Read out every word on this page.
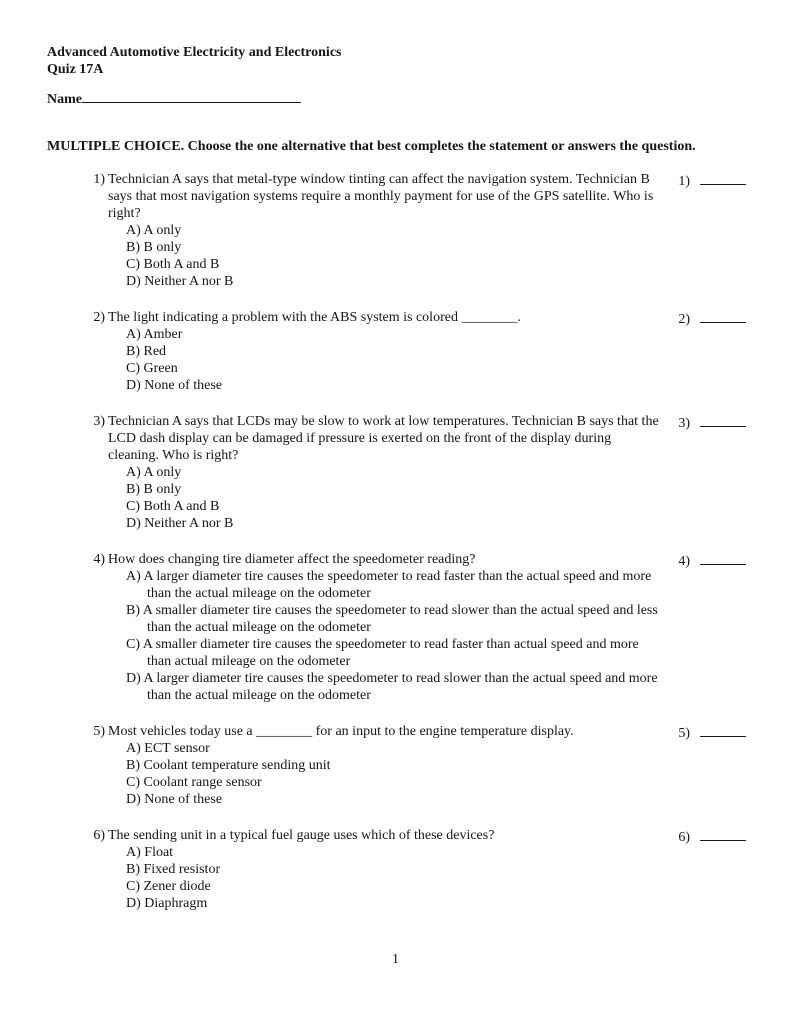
Advanced Automotive Electricity and Electronics
Quiz 17A
Name
MULTIPLE CHOICE. Choose the one alternative that best completes the statement or answers the question.
1) Technician A says that metal-type window tinting can affect the navigation system. Technician B says that most navigation systems require a monthly payment for use of the GPS satellite. Who is right?
A) A only
B) B only
C) Both A and B
D) Neither A nor B
1)
2) The light indicating a problem with the ABS system is colored ________.
A) Amber
B) Red
C) Green
D) None of these
2)
3) Technician A says that LCDs may be slow to work at low temperatures. Technician B says that the LCD dash display can be damaged if pressure is exerted on the front of the display during cleaning. Who is right?
A) A only
B) B only
C) Both A and B
D) Neither A nor B
3)
4) How does changing tire diameter affect the speedometer reading?
A) A larger diameter tire causes the speedometer to read faster than the actual speed and more than the actual mileage on the odometer
B) A smaller diameter tire causes the speedometer to read slower than the actual speed and less than the actual mileage on the odometer
C) A smaller diameter tire causes the speedometer to read faster than actual speed and more than actual mileage on the odometer
D) A larger diameter tire causes the speedometer to read slower than the actual speed and more than the actual mileage on the odometer
4)
5) Most vehicles today use a ________ for an input to the engine temperature display.
A) ECT sensor
B) Coolant temperature sending unit
C) Coolant range sensor
D) None of these
5)
6) The sending unit in a typical fuel gauge uses which of these devices?
A) Float
B) Fixed resistor
C) Zener diode
D) Diaphragm
6)
1
